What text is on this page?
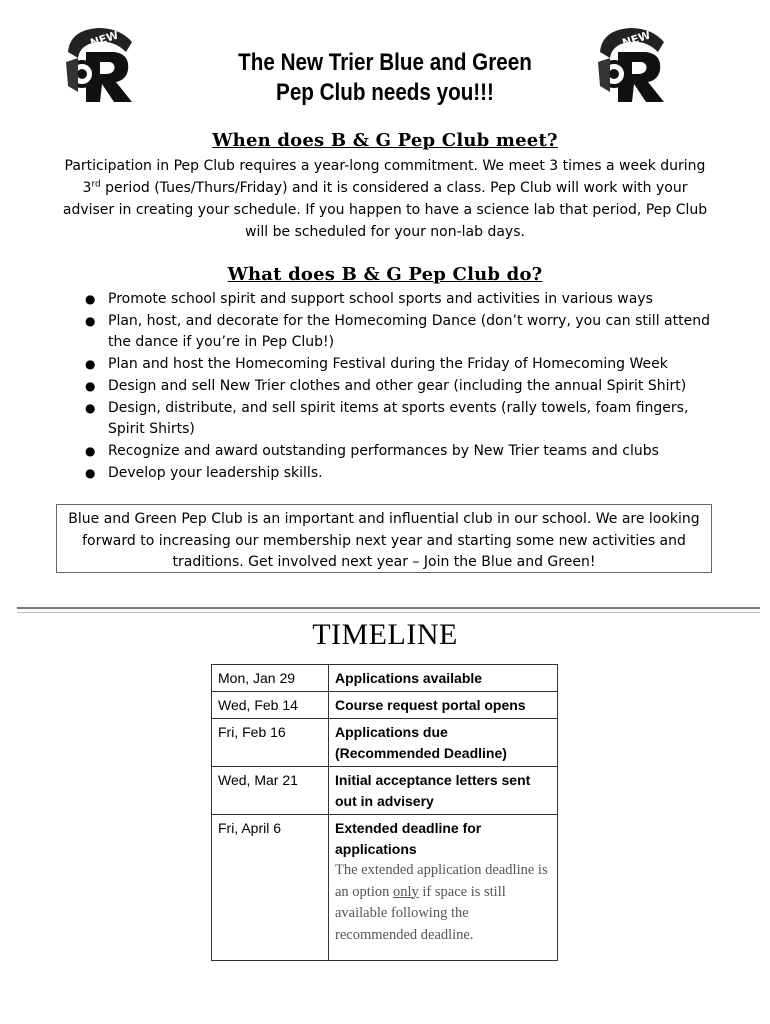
NEW TRIER	NEW TRIER
The New Trier Blue and Green
Pep Club needs you!!!
When does B & G Pep Club meet?
Participation in Pep Club requires a year-long commitment. We meet 3 times a week during 3rd period (Tues/Thurs/Friday) and it is considered a class. Pep Club will work with your adviser in creating your schedule. If you happen to have a science lab that period, Pep Club will be scheduled for your non-lab days.
What does B & G Pep Club do?
● Promote school spirit and support school sports and activities in various ways
● Plan, host, and decorate for the Homecoming Dance (don’t worry, you can still attend the dance if you’re in Pep Club!)
● Plan and host the Homecoming Festival during the Friday of Homecoming Week
● Design and sell New Trier clothes and other gear (including the annual Spirit Shirt)
● Design, distribute, and sell spirit items at sports events (rally towels, foam fingers, Spirit Shirts)
● Recognize and award outstanding performances by New Trier teams and clubs
● Develop your leadership skills.
Blue and Green Pep Club is an important and influential club in our school. We are looking forward to increasing our membership next year and starting some new activities and traditions. Get involved next year – Join the Blue and Green!
TIMELINE
Mon, Jan 29	Applications available
Wed, Feb 14	Course request portal opens
Fri, Feb 16	Applications due (Recommended Deadline)
Wed, Mar 21	Initial acceptance letters sent out in advisery
Fri, April 6	Extended deadline for applications
The extended application deadline is an option only if space is still available following the recommended deadline.
